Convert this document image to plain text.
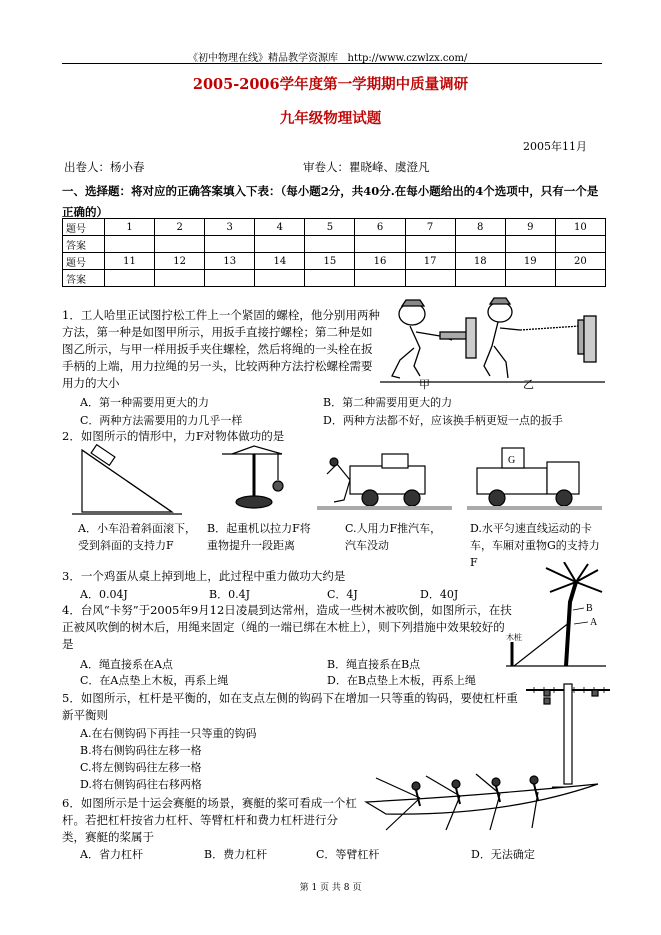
《初中物理在线》精品教学资源库 http://www.czwlzx.com/
2005-2006学年度第一学期期中质量调研
九年级物理试题
2005年11月
出卷人：杨小春	审卷人：瞿晓峰、虞澄凡
一、选择题：将对应的正确答案填入下表：（每小题2分，共40分.在每小题给出的4个选项中，只有一个是正确的）
题号	1	2	3	4	5	6	7	8	9	10
答案										
题号	11	12	13	14	15	16	17	18	19	20
答案										
1．工人哈里正试图拧松工件上一个紧固的螺栓，他分别用两种方法，第一种是如图甲所示，用扳手直接拧螺栓；第二种是如图乙所示，与甲一样用扳手夹住螺栓，然后将绳的一头栓在扳手柄的上端，用力拉绳的另一头，比较两种方法拧松螺栓需要用力的大小	甲	乙
A．第一种需要用更大的力	B．第二种需要用更大的力
C．两种方法需要用的力几乎一样	D．两种方法都不好，应该换手柄更短一点的扳手
2．如图所示的情形中，力F对物体做功的是
G
A．小车沿着斜面滚下，受到斜面的支持力F
B．起重机以拉力F将重物提升一段距离
C.人用力F推汽车，汽车没动
D.水平匀速直线运动的卡车，车厢对重物G的支持力F
3．一个鸡蛋从桌上掉到地上，此过程中重力做功大约是
A．0.04J	B．0.4J	C．4J	D．40J
4．台风“卡努”于2005年9月12日凌晨到达常州，造成一些树木被吹倒，如图所示，在扶正被风吹倒的树木后，用绳来固定（绳的一端已绑在木桩上），则下列措施中效果较好的是
B
A
木桩
A．绳直接系在A点	B．绳直接系在B点
C．在A点垫上木板，再系上绳	D．在B点垫上木板，再系上绳
5．如图所示，杠杆是平衡的，如在支点左侧的钩码下在增加一只等重的钩码，要使杠杆重新平衡则
A.在右侧钩码下再挂一只等重的钩码
B.将右侧钩码往左移一格
C.将左侧钩码往左移一格
D.将右侧钩码往右移两格
6．如图所示是十运会赛艇的场景，赛艇的桨可看成一个杠杆。若把杠杆按省力杠杆、等臂杠杆和费力杠杆进行分类，赛艇的桨属于
A．省力杠杆	B．费力杠杆	C．等臂杠杆	D．无法确定
第 1 页 共 8 页
